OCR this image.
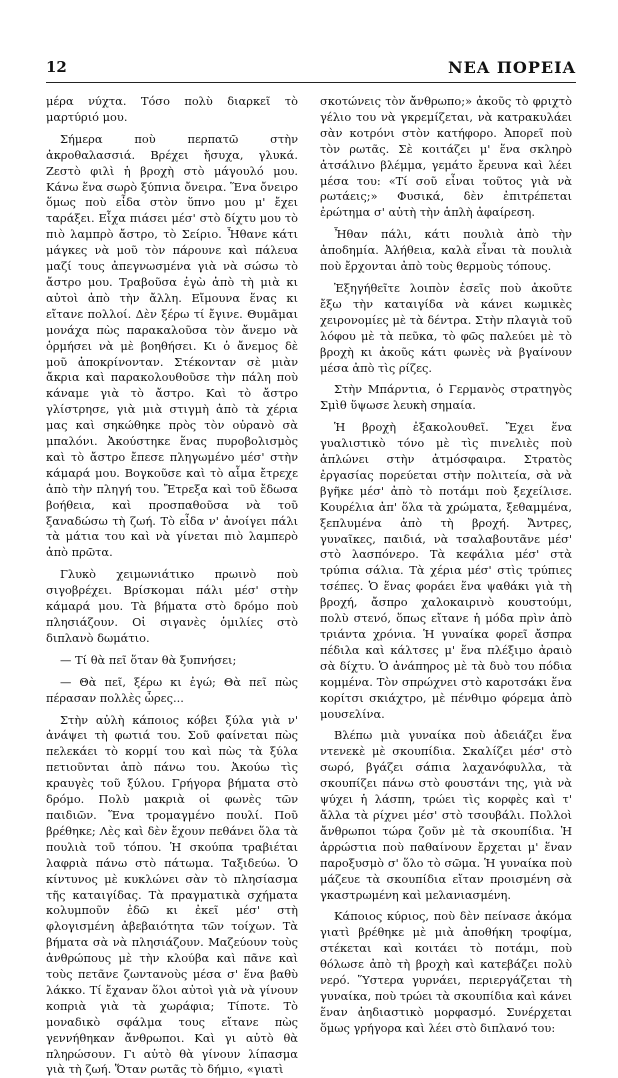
12	ΝΕΑ ΠΟΡΕΙΑ

μέρα νύχτα. Τόσο πολὺ διαρκεῖ τὸ μαρτύριό μου.

Σήμερα ποὺ περπατῶ στὴν ἀκροθαλασσιά. Βρέχει ἤσυχα, γλυκά. Ζεστὸ φιλὶ ἡ βροχὴ στὸ μάγουλό μου. Κάνω ἕνα σωρὸ ξύπνια ὄνειρα. Ἕνα ὄνειρο ὅμως ποὺ εἶδα στὸν ὕπνο μου μ' ἔχει ταράξει. Εἶχα πιάσει μέσ' στὸ δίχτυ μου τὸ πιὸ λαμπρὸ ἄστρο, τὸ Σείριο. Ἦθανε κάτι μάγκες νὰ μοῦ τὸν πάρουνε καὶ πάλευα μαζί τους ἀπεγνωσμένα γιὰ νὰ σώσω τὸ ἄστρο μου. Τραβοῦσα ἐγὼ ἀπὸ τὴ μιὰ κι αὐτοὶ ἀπὸ τὴν ἄλλη. Εἴμουνα ἕνας κι εἴτανε πολλοί. Δὲν ξέρω τί ἔγινε. Θυμᾶμαι μονάχα πὼς παρακαλοῦσα τὸν ἄνεμο νὰ ὁρμήσει νὰ μὲ βοηθήσει. Κι ὁ ἄνεμος δὲ μοῦ ἀποκρίνονταν. Στέκονταν σὲ μιὰν ἄκρια καὶ παρακολουθοῦσε τὴν πάλη ποὺ κάναμε γιὰ τὸ ἄστρο. Καὶ τὸ ἄστρο γλίστρησε, γιὰ μιὰ στιγμὴ ἀπὸ τὰ χέρια μας καὶ σηκώθηκε πρὸς τὸν οὐρανὸ σὰ μπαλόνι. Ἀκούστηκε ἕνας πυροβολισμὸς καὶ τὸ ἄστρο ἔπεσε πληγωμένο μέσ' στὴν κάμαρά μου. Βογκοῦσε καὶ τὸ αἷμα ἔτρεχε ἀπὸ τὴν πληγή του. Ἔτρεξα καὶ τοῦ ἔδωσα βοήθεια, καὶ προσπαθοῦσα νὰ τοῦ ξαναδώσω τὴ ζωή. Τὸ εἶδα ν' ἀνοίγει πάλι τὰ μάτια του καὶ νὰ γίνεται πιὸ λαμπερὸ ἀπὸ πρῶτα.

Γλυκὸ χειμωνιάτικο πρωινὸ ποὺ σιγοβρέχει. Βρίσκομαι πάλι μέσ' στὴν κάμαρά μου. Τὰ βήματα στὸ δρόμο ποὺ πλησιάζουν. Οἱ σιγανὲς ὁμιλίες στὸ διπλανὸ δωμάτιο.

— Τί θὰ πεῖ ὅταν θὰ ξυπνήσει;

— Θὰ πεῖ, ξέρω κι ἐγώ; Θὰ πεῖ πὼς πέρασαν πολλὲς ὧρες...

Στὴν αὐλὴ κάποιος κόβει ξύλα γιὰ ν' ἀνάψει τὴ φωτιά του. Σοῦ φαίνεται πὼς πελεκάει τὸ κορμί του καὶ πὼς τὰ ξύλα πετιοῦνται ἀπὸ πάνω του. Ἀκούω τὶς κραυγὲς τοῦ ξύλου. Γρήγορα βήματα στὸ δρόμο. Πολὺ μακριὰ οἱ φωνὲς τῶν παιδιῶν. Ἕνα τρομαγμένο πουλί. Ποῦ βρέθηκε; Λὲς καὶ δὲν ἔχουν πεθάνει ὅλα τὰ πουλιὰ τοῦ τόπου. Ἡ σκούπα τραβιέται λαφριὰ πάνω στὸ πάτωμα. Ταξιδεύω. Ὁ κίντυνος μὲ κυκλώνει σὰν τὸ πλησίασμα τῆς καταιγίδας. Τὰ πραγματικὰ σχήματα κολυμποῦν ἐδῶ κι ἐκεῖ μέσ' στὴ φλογισμένη ἀβεβαιότητα τῶν τοίχων. Τὰ βήματα σὰ νὰ πλησιάζουν. Μαζεύουν τοὺς ἀνθρώπους μὲ τὴν κλούβα καὶ πᾶνε καὶ τοὺς πετᾶνε ζωντανοὺς μέσα σ' ἕνα βαθὺ λάκκο. Τί ἔχαναν ὅλοι αὐτοὶ γιὰ νὰ γίνουν κοπριὰ γιὰ τὰ χωράφια; Τίποτε. Τὸ μοναδικὸ σφάλμα τους εἴτανε πὼς γεννήθηκαν ἄνθρωποι. Καὶ γι αὐτὸ θὰ πληρώσουν. Γι αὐτὸ θὰ γίνουν λίπασμα γιὰ τὴ ζωή. Ὅταν ρωτᾶς τὸ δήμιο, «γιατὶ

σκοτώνεις τὸν ἄνθρωπο;» ἀκοῦς τὸ φριχτὸ γέλιο του νὰ γκρεμίζεται, νὰ κατρακυλάει σὰν κοτρόνι στὸν κατήφορο. Ἀπορεῖ ποὺ τὸν ρωτᾶς. Σὲ κοιτάζει μ' ἕνα σκληρὸ ἀτσάλινο βλέμμα, γεμάτο ἔρευνα καὶ λέει μέσα του: «Τί σοῦ εἶναι τοῦτος γιὰ νὰ ρωτάεις;» Φυσικά, δὲν ἐπιτρέπεται ἐρώτημα σ' αὐτὴ τὴν ἁπλὴ ἀφαίρεση.

Ἦθαν πάλι, κάτι πουλιὰ ἀπὸ τὴν ἀποδημία. Ἀλήθεια, καλὰ εἶναι τὰ πουλιὰ ποὺ ἔρχονται ἀπὸ τοὺς θερμοὺς τόπους.

Ἐξηγήθεῖτε λοιπὸν ἐσεῖς ποὺ ἀκοῦτε ἔξω τὴν καταιγίδα νὰ κάνει κωμικὲς χειρονομίες μὲ τὰ δέντρα. Στὴν πλαγιὰ τοῦ λόφου μὲ τὰ πεῦκα, τὸ φῶς παλεύει μὲ τὸ βροχὴ κι ἀκοῦς κάτι φωνὲς νὰ βγαίνουν μέσα ἀπὸ τὶς ρίζες.

Στὴν Μπάρντια, ὁ Γερμανὸς στρατηγὸς Σμὶθ ὕψωσε λευκὴ σημαία.

Ἡ βροχὴ ἐξακολουθεῖ. Ἔχει ἕνα γυαλιστικὸ τόνο μὲ τὶς πινελιὲς ποὺ ἁπλώνει στὴν ἀτμόσφαιρα. Στρατὸς ἐργασίας πορεύεται στὴν πολιτεία, σὰ νὰ βγῆκε μέσ' ἀπὸ τὸ ποτάμι ποὺ ξεχείλισε. Κουρέλια ἀπ' ὅλα τὰ χρώματα, ξεθαμμένα, ξεπλυμένα ἀπὸ τὴ βροχή. Ἄντρες, γυναῖκες, παιδιά, νὰ τσαλαβουτᾶνε μέσ' στὸ λασπόνερο. Τὰ κεφάλια μέσ' στὰ τρύπια σάλια. Τὰ χέρια μέσ' στὶς τρύπιες τσέπες. Ὁ ἕνας φοράει ἕνα ψαθάκι γιὰ τὴ βροχή, ἄσπρο χαλοκαιρινὸ κουστούμι, πολὺ στενό, ὅπως εἴτανε ἡ μόδα πρὶν ἀπὸ τριάντα χρόνια. Ἡ γυναίκα φορεῖ ἄσπρα πέδιλα καὶ κάλτσες μ' ἕνα πλέξιμο ἀραιὸ σὰ δίχτυ. Ὁ ἀνάπηρος μὲ τὰ δυὸ του πόδια κομμένα. Τὸν σπρώχνει στὸ καροτσάκι ἕνα κορίτσι σκιάχτρο, μὲ πένθιμο φόρεμα ἀπὸ μουσελίνα.

Βλέπω μιὰ γυναίκα ποὺ ἀδειάζει ἕνα ντενεκὲ μὲ σκουπίδια. Σκαλίζει μέσ' στὸ σωρό, βγάζει σάπια λαχανόφυλλα, τὰ σκουπίζει πάνω στὸ φουστάνι της, γιὰ νὰ ψύχει ἡ λάσπη, τρώει τὶς κορφὲς καὶ τ' ἄλλα τὰ ρίχνει μέσ' στὸ τσουβάλι. Πολλοὶ ἄνθρωποι τώρα ζοῦν μὲ τὰ σκουπίδια. Ἡ ἀρρώστια ποὺ παθαίνουν ἔρχεται μ' ἕναν παροξυσμὸ σ' ὅλο τὸ σῶμα. Ἡ γυναίκα ποὺ μάζευε τὰ σκουπίδια εἴταν προισμένη σὰ γκαστρωμένη καὶ μελανιασμένη.

Κάποιος κύριος, ποὺ δὲν πείνασε ἀκόμα γιατὶ βρέθηκε μὲ μιὰ ἀποθήκη τροφίμα, στέκεται καὶ κοιτάει τὸ ποτάμι, ποὺ θόλωσε ἀπὸ τὴ βροχὴ καὶ κατεβάζει πολὺ νερό. Ὕστερα γυρνάει, περιεργάζεται τὴ γυναίκα, ποὺ τρώει τὰ σκουπίδια καὶ κάνει ἕναν ἀηδιαστικὸ μορφασμό. Συνέρχεται ὅμως γρήγορα καὶ λέει στὸ διπλανό του:
